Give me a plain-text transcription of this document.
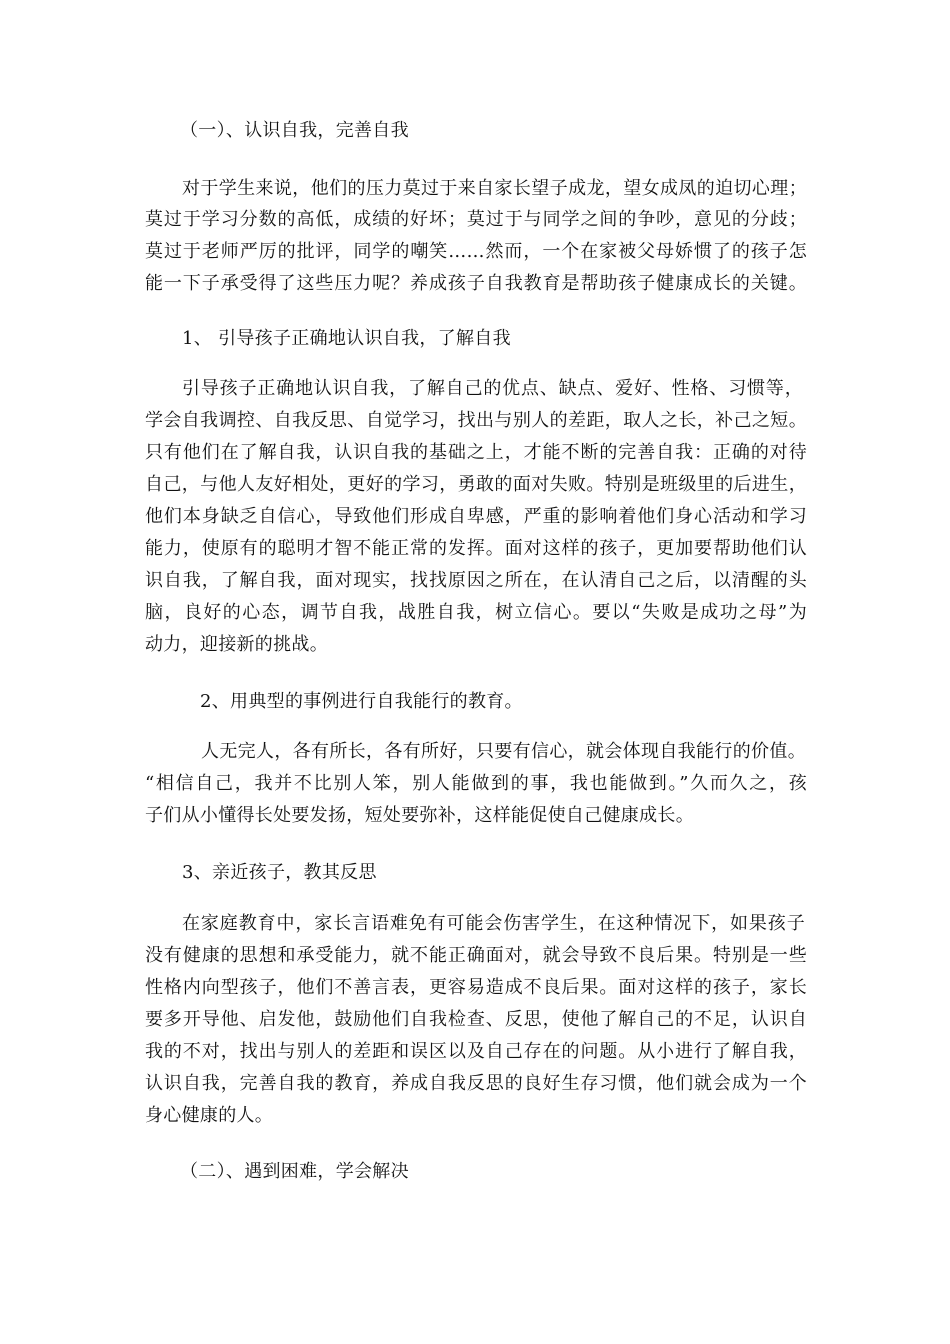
（一）、认识自我，完善自我
对于学生来说，他们的压力莫过于来自家长望子成龙，望女成凤的迫切心理；
莫过于学习分数的高低，成绩的好坏；莫过于与同学之间的争吵，意见的分歧；
莫过于老师严厉的批评，同学的嘲笑……然而，一个在家被父母娇惯了的孩子怎
能一下子承受得了这些压力呢？养成孩子自我教育是帮助孩子健康成长的关键。
1、 引导孩子正确地认识自我，了解自我
引导孩子正确地认识自我，了解自己的优点、缺点、爱好、性格、习惯等，
学会自我调控、自我反思、自觉学习，找出与别人的差距，取人之长，补己之短。
只有他们在了解自我，认识自我的基础之上，才能不断的完善自我：正确的对待
自己，与他人友好相处，更好的学习，勇敢的面对失败。特别是班级里的后进生，
他们本身缺乏自信心，导致他们形成自卑感，严重的影响着他们身心活动和学习
能力，使原有的聪明才智不能正常的发挥。面对这样的孩子，更加要帮助他们认
识自我，了解自我，面对现实，找找原因之所在，在认清自己之后，以清醒的头
脑，良好的心态，调节自我，战胜自我，树立信心。要以“失败是成功之母”为
动力，迎接新的挑战。
2、用典型的事例进行自我能行的教育。
人无完人，各有所长，各有所好，只要有信心，就会体现自我能行的价值。
“相信自己，我并不比别人笨，别人能做到的事，我也能做到。”久而久之，孩
子们从小懂得长处要发扬，短处要弥补，这样能促使自己健康成长。
3、亲近孩子，教其反思
在家庭教育中，家长言语难免有可能会伤害学生，在这种情况下，如果孩子
没有健康的思想和承受能力，就不能正确面对，就会导致不良后果。特别是一些
性格内向型孩子，他们不善言表，更容易造成不良后果。面对这样的孩子，家长
要多开导他、启发他，鼓励他们自我检查、反思，使他了解自己的不足，认识自
我的不对，找出与别人的差距和误区以及自己存在的问题。从小进行了解自我，
认识自我，完善自我的教育，养成自我反思的良好生存习惯，他们就会成为一个
身心健康的人。
（二）、遇到困难，学会解决
